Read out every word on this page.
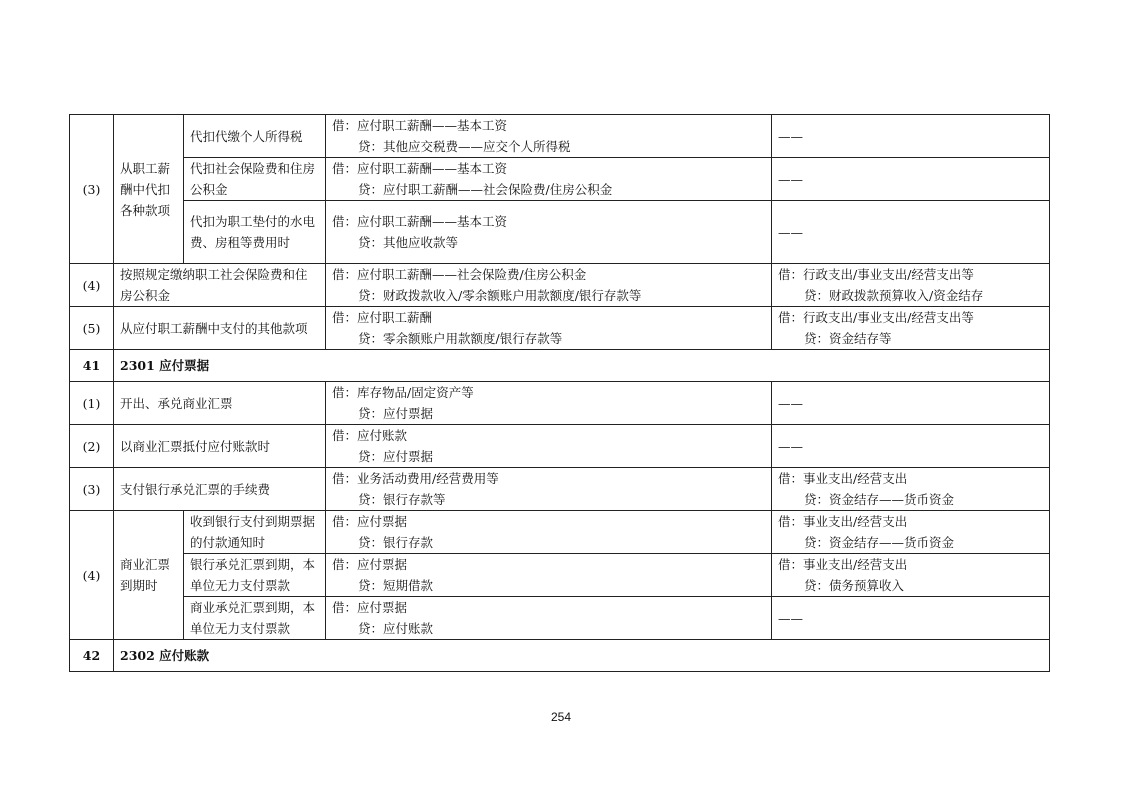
(3)	从职工薪酬中代扣各种款项	代扣代缴个人所得税	借：应付职工薪酬——基本工资
贷：其他应交税费——应交个人所得税	——

		代扣社会保险费和住房公积金	借：应付职工薪酬——基本工资
贷：应付职工薪酬——社会保险费/住房公积金	——

		代扣为职工垫付的水电费、房租等费用时	借：应付职工薪酬——基本工资
贷：其他应收款等	——

(4)	按照规定缴纳职工社会保险费和住房公积金		借：应付职工薪酬——社会保险费/住房公积金
贷：财政拨款收入/零余额账户用款额度/银行存款等	借：行政支出/事业支出/经营支出等
贷：财政拨款预算收入/资金结存

(5)	从应付职工薪酬中支付的其他款项		借：应付职工薪酬
贷：零余额账户用款额度/银行存款等	借：行政支出/事业支出/经营支出等
贷：资金结存等

41	2301 应付票据			
(1)	开出、承兑商业汇票		借：库存物品/固定资产等
贷：应付票据	——

(2)	以商业汇票抵付应付账款时		借：应付账款
贷：应付票据	——

(3)	支付银行承兑汇票的手续费		借：业务活动费用/经营费用等
贷：银行存款等	借：事业支出/经营支出
贷：资金结存——货币资金

(4)	商业汇票到期时	收到银行支付到期票据的付款通知时	借：应付票据
贷：银行存款	借：事业支出/经营支出
贷：资金结存——货币资金

		银行承兑汇票到期，本单位无力支付票款	借：应付票据
贷：短期借款	借：事业支出/经营支出
贷：债务预算收入

		商业承兑汇票到期，本单位无力支付票款	借：应付票据
贷：应付账款	——

42	2302 应付账款			
254
